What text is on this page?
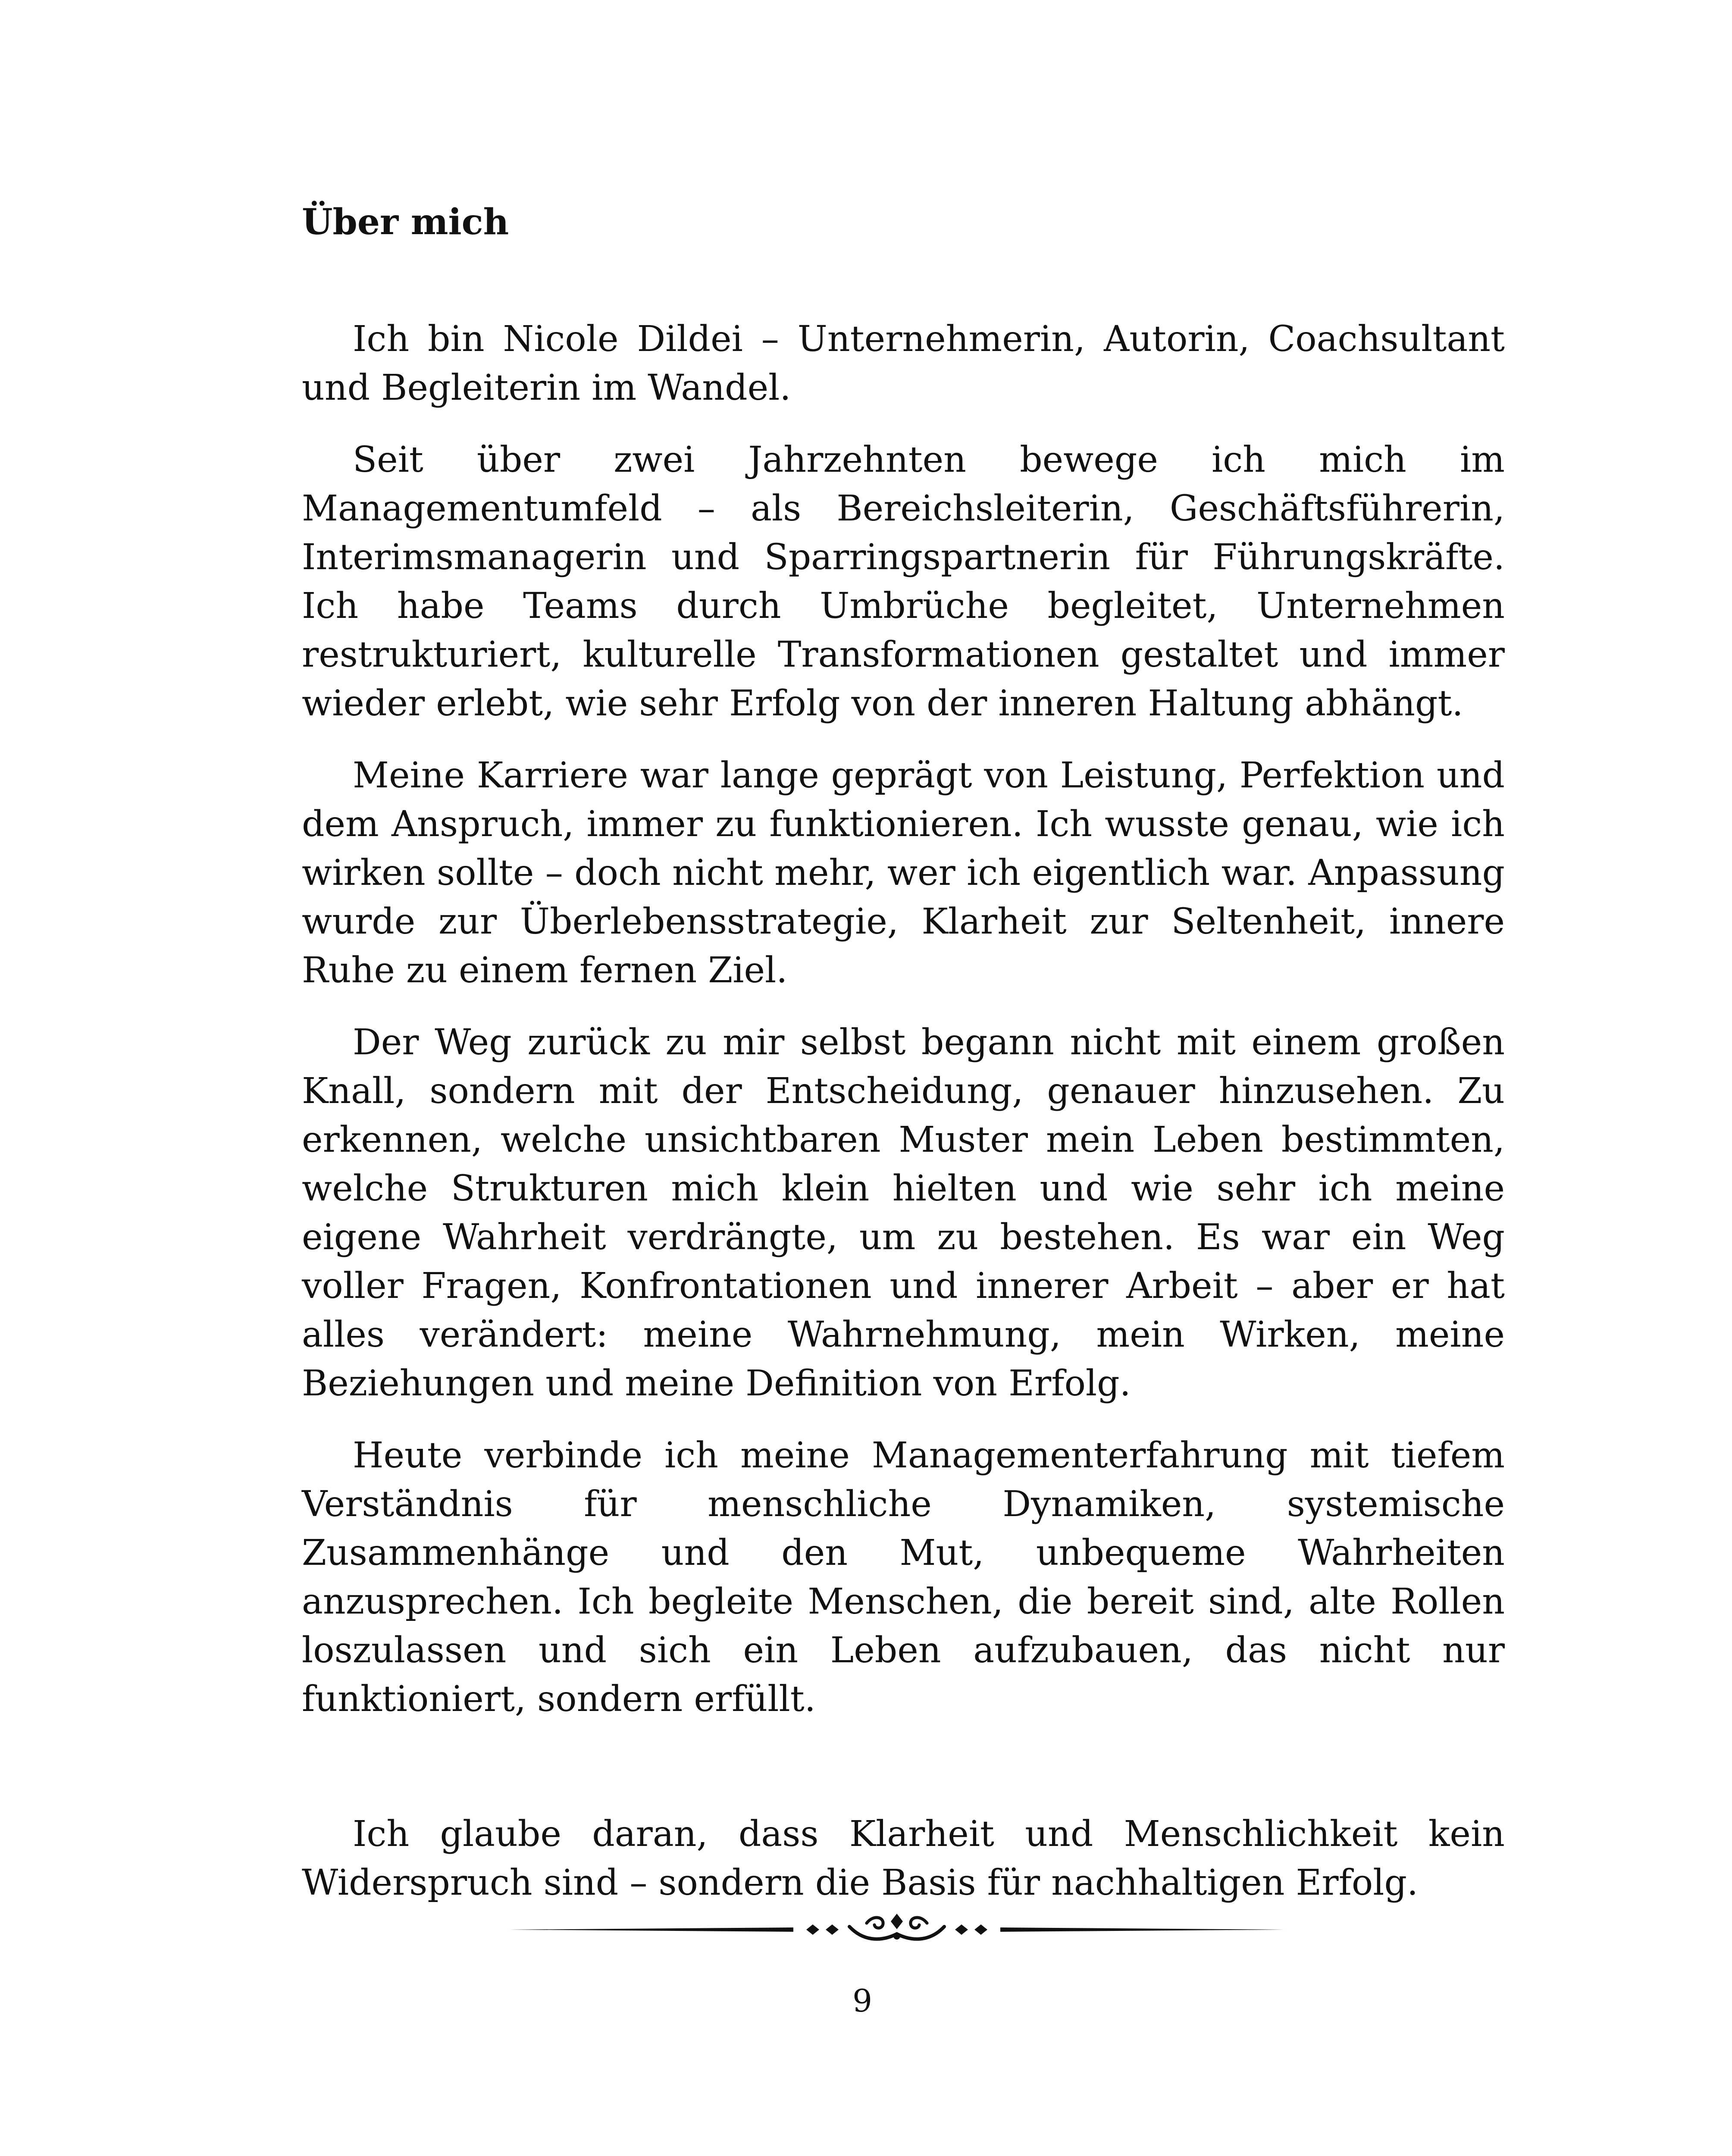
Über mich

Ich bin Nicole Dildei – Unternehmerin, Autorin, Coachsultant und Begleiterin im Wandel.

Seit über zwei Jahrzehnten bewege ich mich im Managementumfeld – als Bereichsleiterin, Geschäftsführerin, Interimsmanagerin und Sparringspartnerin für Führungskräfte. Ich habe Teams durch Umbrüche begleitet, Unternehmen restrukturiert, kulturelle Transformationen gestaltet und immer wieder erlebt, wie sehr Erfolg von der inneren Haltung abhängt.

Meine Karriere war lange geprägt von Leistung, Perfektion und dem Anspruch, immer zu funktionieren. Ich wusste genau, wie ich wirken sollte – doch nicht mehr, wer ich eigentlich war. Anpassung wurde zur Überlebensstrategie, Klarheit zur Seltenheit, innere Ruhe zu einem fernen Ziel.

Der Weg zurück zu mir selbst begann nicht mit einem großen Knall, sondern mit der Entscheidung, genauer hinzusehen. Zu erkennen, welche unsichtbaren Muster mein Leben bestimmten, welche Strukturen mich klein hielten und wie sehr ich meine eigene Wahrheit verdrängte, um zu bestehen. Es war ein Weg voller Fragen, Konfrontationen und innerer Arbeit – aber er hat alles verändert: meine Wahrnehmung, mein Wirken, meine Beziehungen und meine Definition von Erfolg.

Heute verbinde ich meine Managementerfahrung mit tiefem Verständnis für menschliche Dynamiken, systemische Zusammenhänge und den Mut, unbequeme Wahrheiten anzusprechen. Ich begleite Menschen, die bereit sind, alte Rollen loszulassen und sich ein Leben aufzubauen, das nicht nur funktioniert, sondern erfüllt.

Ich glaube daran, dass Klarheit und Menschlichkeit kein Widerspruch sind – sondern die Basis für nachhaltigen Erfolg.

9
